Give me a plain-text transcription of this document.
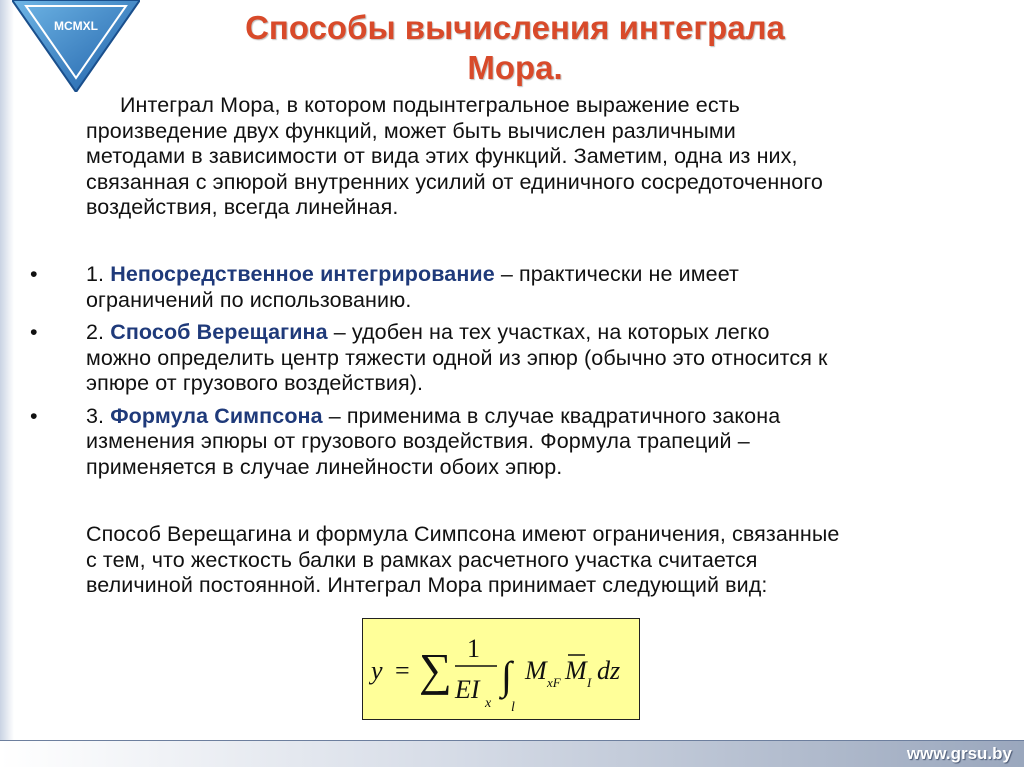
MCMXL	Способы вычисления интеграла
Мора.
Интеграл Мора, в котором подынтегральное выражение есть
произведение двух функций, может быть вычислен различными
методами в зависимости от вида этих функций. Заметим, одна из них,
связанная с эпюрой внутренних усилий от единичного сосредоточенного
воздействия, всегда линейная.
• 1. Непосредственное интегрирование – практически не имеет
ограничений по использованию.
• 2. Способ Верещагина – удобен на тех участках, на которых легко
можно определить центр тяжести одной из эпюр (обычно это относится к
эпюре от грузового воздействия).
• 3. Формула Симпсона – применима в случае квадратичного закона
изменения эпюры от грузового воздействия. Формула трапеций –
применяется в случае линейности обоих эпюр.
Способ Верещагина и формула Симпсона имеют ограничения, связанные
с тем, что жесткость балки в рамках расчетного участка считается
величиной постоянной. Интеграл Мора принимает следующий вид:
y = ∑ 1
EI x
∫
l
M xF M I dz
www.grsu.by
